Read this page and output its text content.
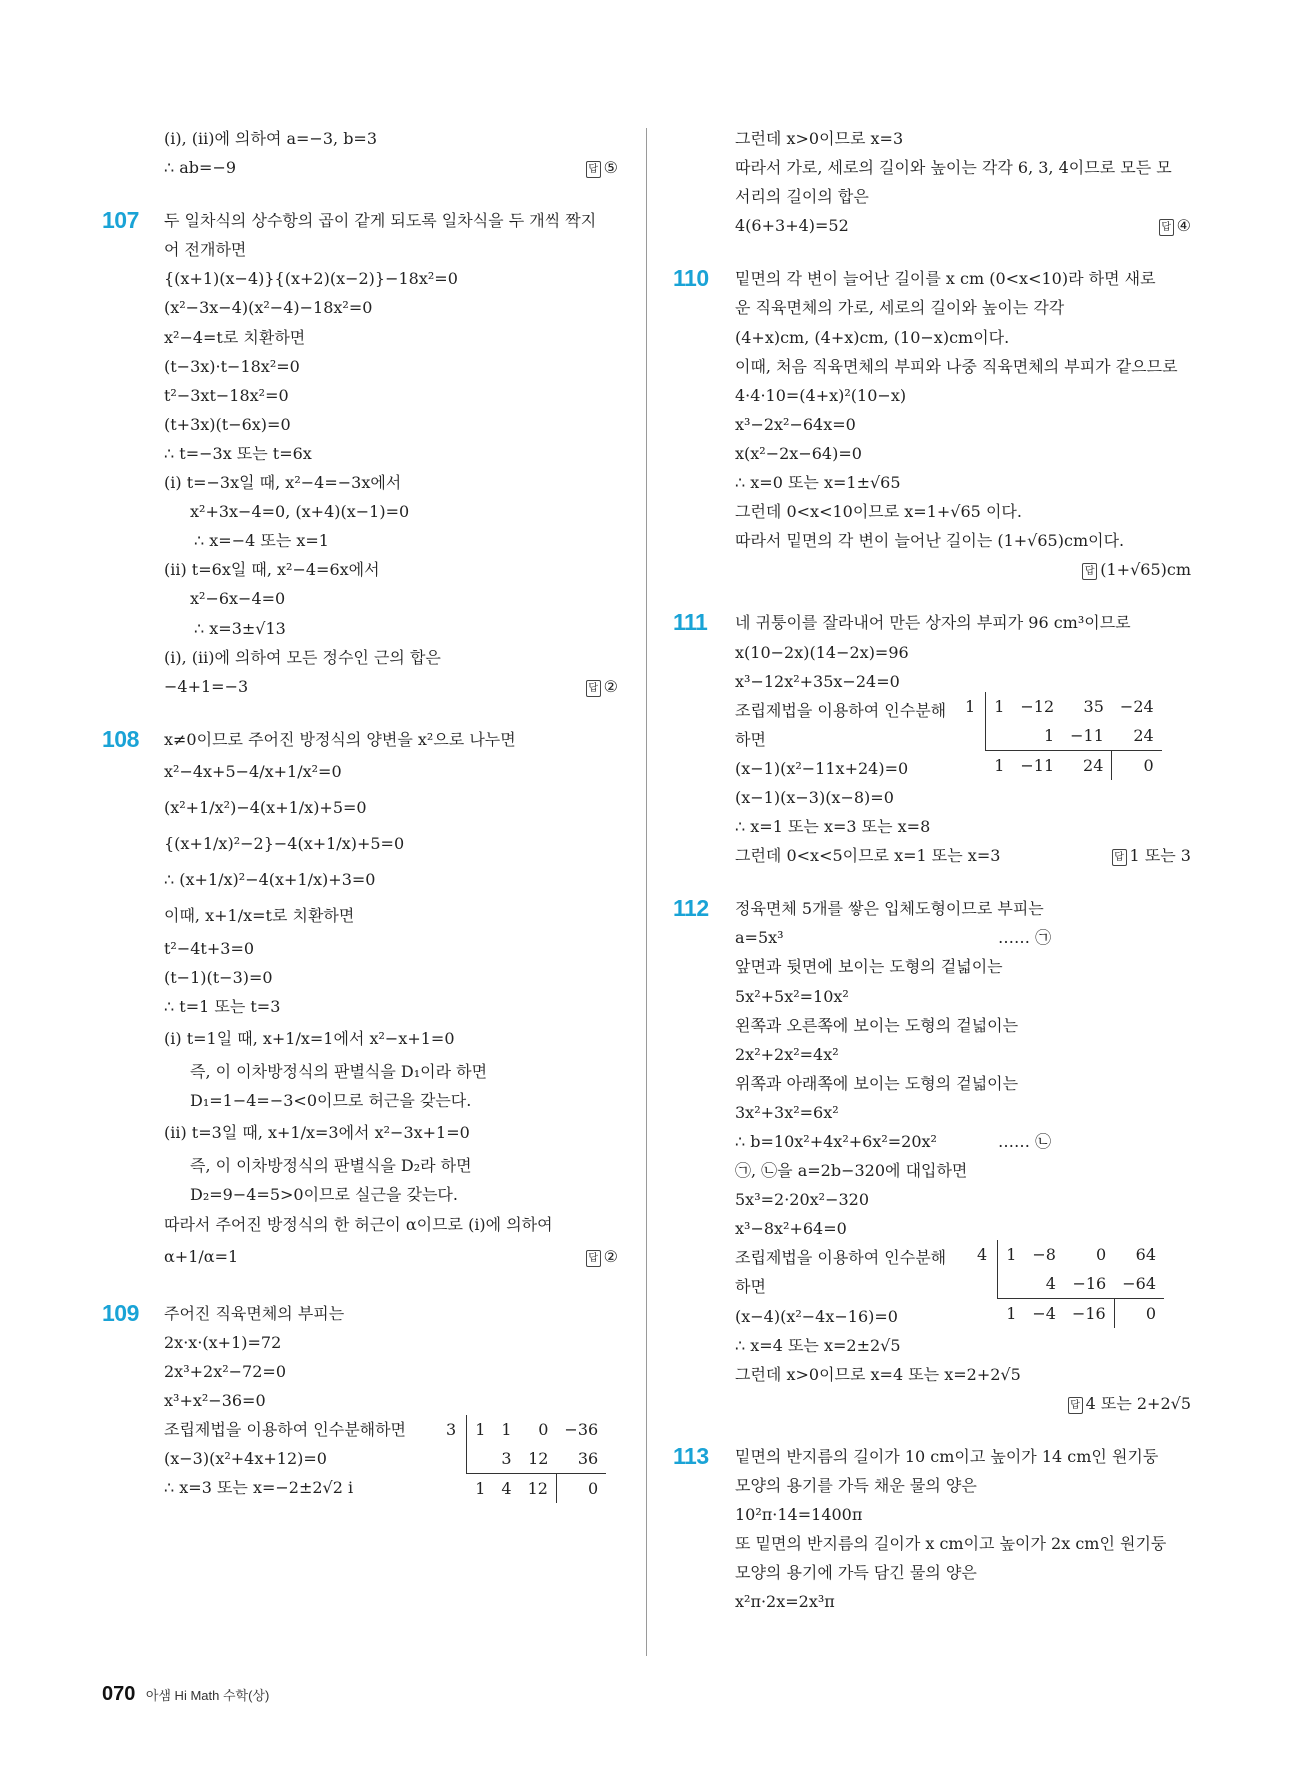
(ⅰ), (ⅱ)에 의하여 a=−3, b=3
∴ ab=−9	답 ⑤
107 두 일차식의 상수항의 곱이 같게 되도록 일차식을 두 개씩 짝지
어 전개하면
{(x+1)(x−4)}{(x+2)(x−2)}−18x²=0
(x²−3x−4)(x²−4)−18x²=0
x²−4=t로 치환하면
(t−3x)·t−18x²=0
t²−3xt−18x²=0
(t+3x)(t−6x)=0
∴ t=−3x 또는 t=6x
(ⅰ) t=−3x일 때, x²−4=−3x에서
x²+3x−4=0, (x+4)(x−1)=0
∴ x=−4 또는 x=1
(ⅱ) t=6x일 때, x²−4=6x에서
x²−6x−4=0
∴ x=3±√13
(ⅰ), (ⅱ)에 의하여 모든 정수인 근의 합은
−4+1=−3	답 ②
108 x≠0이므로 주어진 방정식의 양변을 x²으로 나누면
x²−4x+5−4/x+1/x²=0
(x²+1/x²)−4(x+1/x)+5=0
{(x+1/x)²−2}−4(x+1/x)+5=0
∴ (x+1/x)²−4(x+1/x)+3=0
이때, x+1/x=t로 치환하면
t²−4t+3=0
(t−1)(t−3)=0
∴ t=1 또는 t=3
(ⅰ) t=1일 때, x+1/x=1에서 x²−x+1=0
즉, 이 이차방정식의 판별식을 D₁이라 하면
D₁=1−4=−3<0이므로 허근을 갖는다.
(ⅱ) t=3일 때, x+1/x=3에서 x²−3x+1=0
즉, 이 이차방정식의 판별식을 D₂라 하면
D₂=9−4=5>0이므로 실근을 갖는다.
따라서 주어진 방정식의 한 허근이 α이므로 (ⅰ)에 의하여
α+1/α=1	답 ②
109 주어진 직육면체의 부피는
2x·x·(x+1)=72
2x³+2x²−72=0
x³+x²−36=0
조립제법을 이용하여 인수분해하면
(x−3)(x²+4x+12)=0
∴ x=3 또는 x=−2±2√2 i
3	1	1	0	−36
		3	12	36
	1	4	12	0
그런데 x>0이므로 x=3
따라서 가로, 세로의 길이와 높이는 각각 6, 3, 4이므로 모든 모
서리의 길이의 합은
4(6+3+4)=52	답 ④
110 밑면의 각 변이 늘어난 길이를 x cm (0<x<10)라 하면 새로
운 직육면체의 가로, 세로의 길이와 높이는 각각
(4+x)cm, (4+x)cm, (10−x)cm이다.
이때, 처음 직육면체의 부피와 나중 직육면체의 부피가 같으므로
4·4·10=(4+x)²(10−x)
x³−2x²−64x=0
x(x²−2x−64)=0
∴ x=0 또는 x=1±√65
그런데 0<x<10이므로 x=1+√65 이다.
따라서 밑면의 각 변이 늘어난 길이는 (1+√65)cm이다.
답 (1+√65)cm
111 네 귀퉁이를 잘라내어 만든 상자의 부피가 96 cm³이므로
x(10−2x)(14−2x)=96
x³−12x²+35x−24=0
조립제법을 이용하여 인수분해
하면
(x−1)(x²−11x+24)=0
(x−1)(x−3)(x−8)=0
∴ x=1 또는 x=3 또는 x=8
그런데 0<x<5이므로 x=1 또는 x=3	답 1 또는 3
1	1	−12	35	−24
		1	−11	24
	1	−11	24	0
112 정육면체 5개를 쌓은 입체도형이므로 부피는
a=5x³	…… ㉠
앞면과 뒷면에 보이는 도형의 겉넓이는
5x²+5x²=10x²
왼쪽과 오른쪽에 보이는 도형의 겉넓이는
2x²+2x²=4x²
위쪽과 아래쪽에 보이는 도형의 겉넓이는
3x²+3x²=6x²
∴ b=10x²+4x²+6x²=20x²	…… ㉡
㉠, ㉡을 a=2b−320에 대입하면
5x³=2·20x²−320
x³−8x²+64=0
조립제법을 이용하여 인수분해
하면
(x−4)(x²−4x−16)=0
∴ x=4 또는 x=2±2√5
그런데 x>0이므로 x=4 또는 x=2+2√5
답 4 또는 2+2√5
4	1	−8	0	64
		4	−16	−64
	1	−4	−16	0
113 밑면의 반지름의 길이가 10 cm이고 높이가 14 cm인 원기둥
모양의 용기를 가득 채운 물의 양은
10²π·14=1400π
또 밑면의 반지름의 길이가 x cm이고 높이가 2x cm인 원기둥
모양의 용기에 가득 담긴 물의 양은
x²π·2x=2x³π
070 아샘 Hi Math 수학(상)
